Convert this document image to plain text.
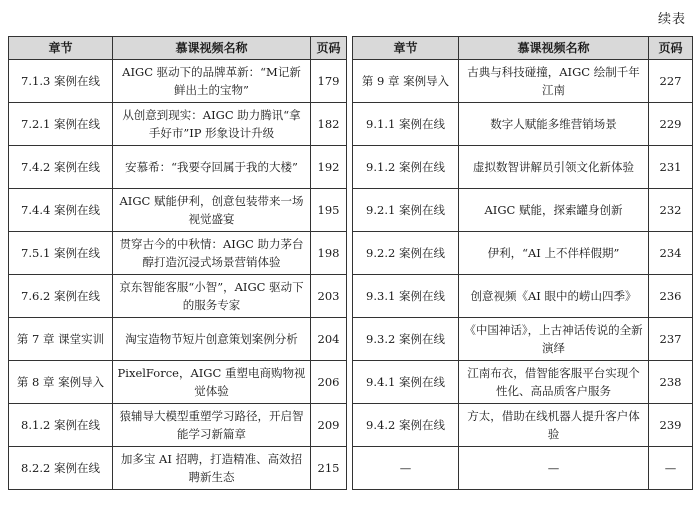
续表
章节	慕课视频名称	页码		章节	慕课视频名称	页码
7.1.3 案例在线	AIGC 驱动下的品牌革新：“M记新鲜出土的宝物”	179		第 9 章 案例导入	古典与科技碰撞，AIGC 绘制千年江南	227
7.2.1 案例在线	从创意到现实：AIGC 助力腾讯“拿手好市”IP 形象设计升级	182		9.1.1 案例在线	数字人赋能多维营销场景	229
7.4.2 案例在线	安慕希：“我要夺回属于我的大楼”	192		9.1.2 案例在线	虚拟数智讲解员引领文化新体验	231
7.4.4 案例在线	AIGC 赋能伊利，创意包装带来一场视觉盛宴	195		9.2.1 案例在线	AIGC 赋能，探索罐身创新	232
7.5.1 案例在线	贯穿古今的中秋情：AIGC 助力茅台醇打造沉浸式场景营销体验	198		9.2.2 案例在线	伊利，“AI 上不伴样假期”	234
7.6.2 案例在线	京东智能客服“小智”，AIGC 驱动下的服务专家	203		9.3.1 案例在线	创意视频《AI 眼中的崂山四季》	236
第 7 章 课堂实训	淘宝造物节短片创意策划案例分析	204		9.3.2 案例在线	《中国神话》，上古神话传说的全新演绎	237
第 8 章 案例导入	PixelForce，AIGC 重塑电商购物视觉体验	206		9.4.1 案例在线	江南布衣，借智能客服平台实现个性化、高品质客户服务	238
8.1.2 案例在线	猿辅导大模型重塑学习路径，开启智能学习新篇章	209		9.4.2 案例在线	方太，借助在线机器人提升客户体验	239
8.2.2 案例在线	加多宝 AI 招聘，打造精准、高效招聘新生态	215		—	—	—
